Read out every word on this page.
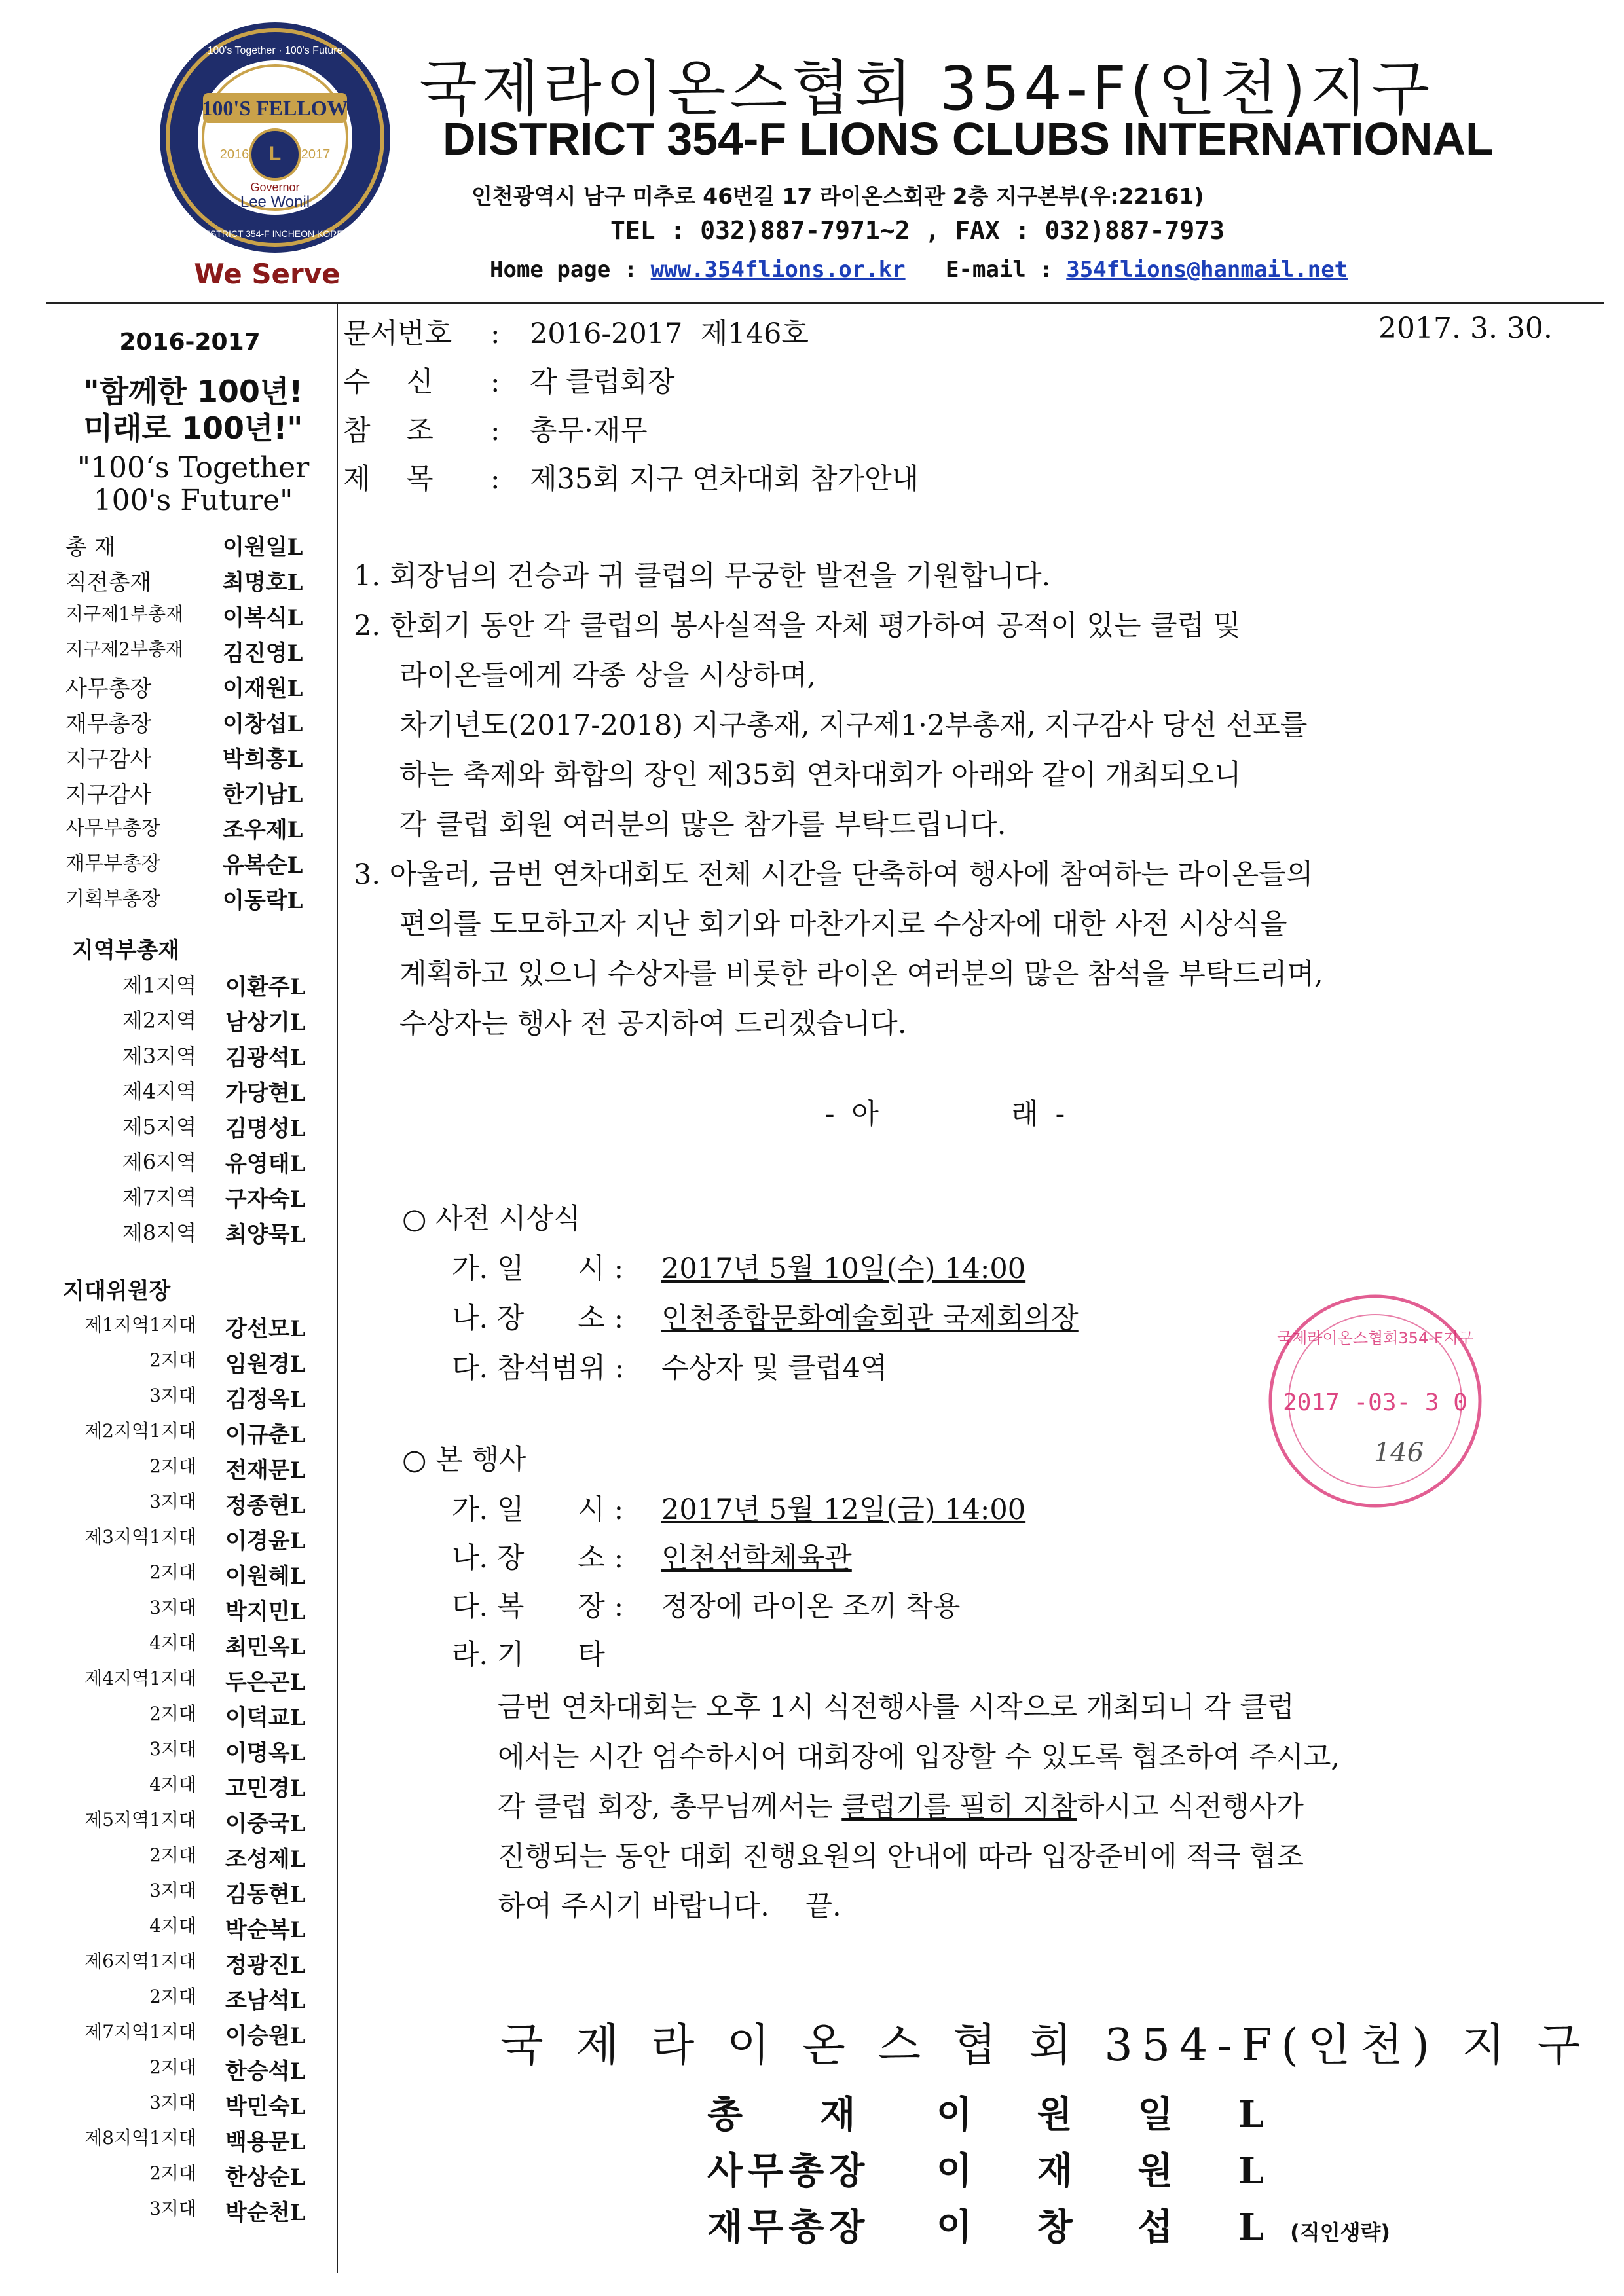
100'S FELLOW
L
2016	2017
Governor
Lee Wonil
100's Together · 100's Future
DISTRICT 354-F INCHEON KOREA
We Serve
국제라이온스협회 354-F(인천)지구
DISTRICT 354-F LIONS CLUBS INTERNATIONAL
인천광역시 남구 미추로 46번길 17 라이온스회관 2층 지구본부(우:22161)
TEL : 032)887-7971~2 , FAX : 032)887-7973
Home page : www.354flions.or.kr E-mail : 354flions@hanmail.net
2016-2017
"함께한 100년!
미래로 100년!"
"100‘s Together
100's Future"
총 재	이원일L
직전총재	최명호L
지구제1부총재	이복식L
지구제2부총재	김진영L
사무총장	이재원L
재무총장	이창섭L
지구감사	박희홍L
지구감사	한기남L
사무부총장	조우제L
재무부총장	유복순L
기획부총장	이동락L
지역부총재
제1지역 이환주L
제2지역 남상기L
제3지역 김광석L
제4지역 가당현L
제5지역 김명성L
제6지역 유영태L
제7지역 구자숙L
제8지역 최양묵L
지대위원장
제1지역1지대 강선모L
2지대 임원경L
3지대 김정옥L
제2지역1지대 이규춘L
2지대 전재문L
3지대 정종현L
제3지역1지대 이경윤L
2지대 이원혜L
3지대 박지민L
4지대 최민옥L
제4지역1지대 두은곤L
2지대 이덕교L
3지대 이명옥L
4지대 고민경L
제5지역1지대 이중국L
2지대 조성제L
3지대 김동현L
4지대 박순복L
제6지역1지대 정광진L
2지대 조남석L
제7지역1지대 이승원L
2지대 한승석L
3지대 박민숙L
제8지역1지대 백용문L
2지대 한상순L
3지대 박순천L
문서번호 : 2016-2017  제146호	2017. 3. 30.
수    신 : 각 클럽회장
참    조 : 총무·재무
제    목 : 제35회 지구 연차대회 참가안내

1. 회장님의 건승과 귀 클럽의 무궁한 발전을 기원합니다.

2. 한회기 동안 각 클럽의 봉사실적을 자체 평가하여 공적이 있는 클럽 및

라이온들에게 각종 상을 시상하며,

차기년도(2017-2018) 지구총재, 지구제1·2부총재, 지구감사 당선 선포를

하는 축제와 화합의 장인 제35회 연차대회가 아래와 같이 개최되오니

각 클럽 회원 여러분의 많은 참가를 부탁드립니다.

3. 아울러, 금번 연차대회도 전체 시간을 단축하여 행사에 참여하는 라이온들의

편의를 도모하고자 지난 회기와 마찬가지로 수상자에 대한 사전 시상식을

계획하고 있으니 수상자를 비롯한 라이온 여러분의 많은 참석을 부탁드리며,

수상자는 행사 전 공지하여 드리겠습니다.

- 아          래 -
○ 사전 시상식
가. 일      시 : 2017년 5월 10일(수) 14:00
나. 장      소 : 인천종합문화예술회관 국제회의장
다. 참석범위 : 수상자 및 클럽4역
○ 본 행사
가. 일      시 : 2017년 5월 12일(금) 14:00
나. 장      소 : 인천선학체육관
다. 복      장 : 정장에 라이온 조끼 착용
라. 기      타

금번 연차대회는 오후 1시 식전행사를 시작으로 개최되니 각 클럽

에서는 시간 엄수하시어 대회장에 입장할 수 있도록 협조하여 주시고,

각 클럽 회장, 총무님께서는 클럽기를 필히 지참하시고 식전행사가

진행되는 동안 대회 진행요원의 안내에 따라 입장준비에 적극 협조

하여 주시기 바랍니다.    끝.

국제라이온스협회354-F지구
2017 -03- 3 0
146
국 제 라 이 온 스 협 회 354-F(인천) 지 구
총    재 이 원 일 L
사무총장 이 재 원 L
재무총장 이 창 섭 L(직인생략)
